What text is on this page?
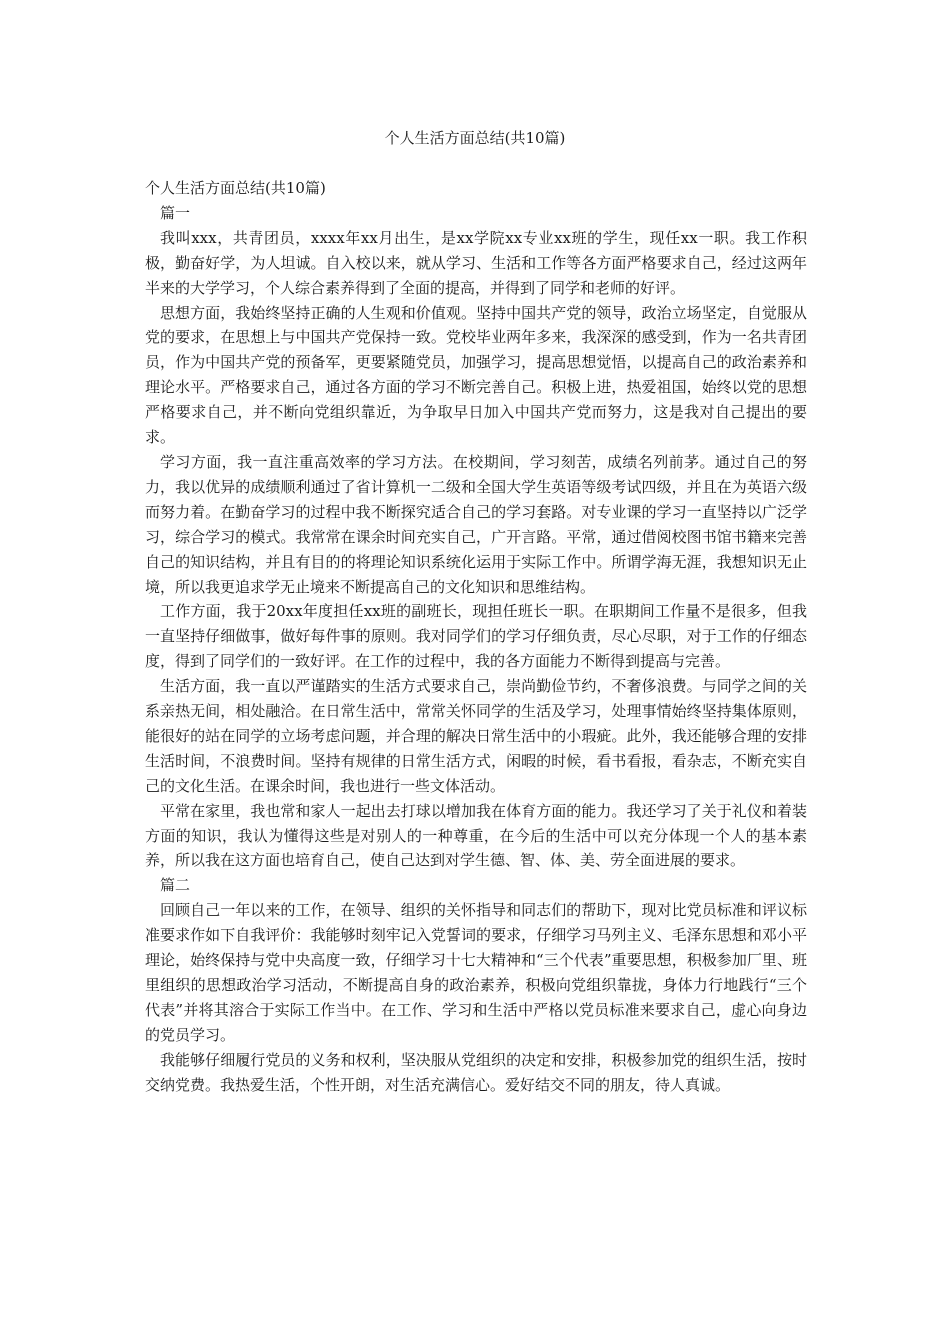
个人生活方面总结(共10篇)

个人生活方面总结(共10篇)

篇一

我叫xxx，共青团员，xxxx年xx月出生，是xx学院xx专业xx班的学生，现任xx一职。我工作积极，勤奋好学，为人坦诚。自入校以来，就从学习、生活和工作等各方面严格要求自己，经过这两年半来的大学学习，个人综合素养得到了全面的提高，并得到了同学和老师的好评。

思想方面，我始终坚持正确的人生观和价值观。坚持中国共产党的领导，政治立场坚定，自觉服从党的要求，在思想上与中国共产党保持一致。党校毕业两年多来，我深深的感受到，作为一名共青团员，作为中国共产党的预备军，更要紧随党员，加强学习，提高思想觉悟，以提高自己的政治素养和理论水平。严格要求自己，通过各方面的学习不断完善自己。积极上进，热爱祖国，始终以党的思想严格要求自己，并不断向党组织靠近，为争取早日加入中国共产党而努力，这是我对自己提出的要求。

学习方面，我一直注重高效率的学习方法。在校期间，学习刻苦，成绩名列前茅。通过自己的努力，我以优异的成绩顺利通过了省计算机一二级和全国大学生英语等级考试四级，并且在为英语六级而努力着。在勤奋学习的过程中我不断探究适合自己的学习套路。对专业课的学习一直坚持以广泛学习，综合学习的模式。我常常在课余时间充实自己，广开言路。平常，通过借阅校图书馆书籍来完善自己的知识结构，并且有目的的将理论知识系统化运用于实际工作中。所谓学海无涯，我想知识无止境，所以我更追求学无止境来不断提高自己的文化知识和思维结构。

工作方面，我于20xx年度担任xx班的副班长，现担任班长一职。在职期间工作量不是很多，但我一直坚持仔细做事，做好每件事的原则。我对同学们的学习仔细负责，尽心尽职，对于工作的仔细态度，得到了同学们的一致好评。在工作的过程中，我的各方面能力不断得到提高与完善。

生活方面，我一直以严谨踏实的生活方式要求自己，崇尚勤俭节约，不奢侈浪费。与同学之间的关系亲热无间，相处融洽。在日常生活中，常常关怀同学的生活及学习，处理事情始终坚持集体原则，能很好的站在同学的立场考虑问题，并合理的解决日常生活中的小瑕疵。此外，我还能够合理的安排生活时间，不浪费时间。坚持有规律的日常生活方式，闲暇的时候，看书看报，看杂志，不断充实自己的文化生活。在课余时间，我也进行一些文体活动。

平常在家里，我也常和家人一起出去打球以增加我在体育方面的能力。我还学习了关于礼仪和着装方面的知识，我认为懂得这些是对别人的一种尊重，在今后的生活中可以充分体现一个人的基本素养，所以我在这方面也培育自己，使自己达到对学生德、智、体、美、劳全面进展的要求。

篇二

回顾自己一年以来的工作，在领导、组织的关怀指导和同志们的帮助下，现对比党员标准和评议标准要求作如下自我评价：我能够时刻牢记入党誓词的要求，仔细学习马列主义、毛泽东思想和邓小平理论，始终保持与党中央高度一致，仔细学习十七大精神和“三个代表”重要思想，积极参加厂里、班里组织的思想政治学习活动，不断提高自身的政治素养，积极向党组织靠拢，身体力行地践行“三个代表”并将其溶合于实际工作当中。在工作、学习和生活中严格以党员标准来要求自己，虚心向身边的党员学习。

我能够仔细履行党员的义务和权利，坚决服从党组织的决定和安排，积极参加党的组织生活，按时交纳党费。我热爱生活，个性开朗，对生活充满信心。爱好结交不同的朋友，待人真诚。
